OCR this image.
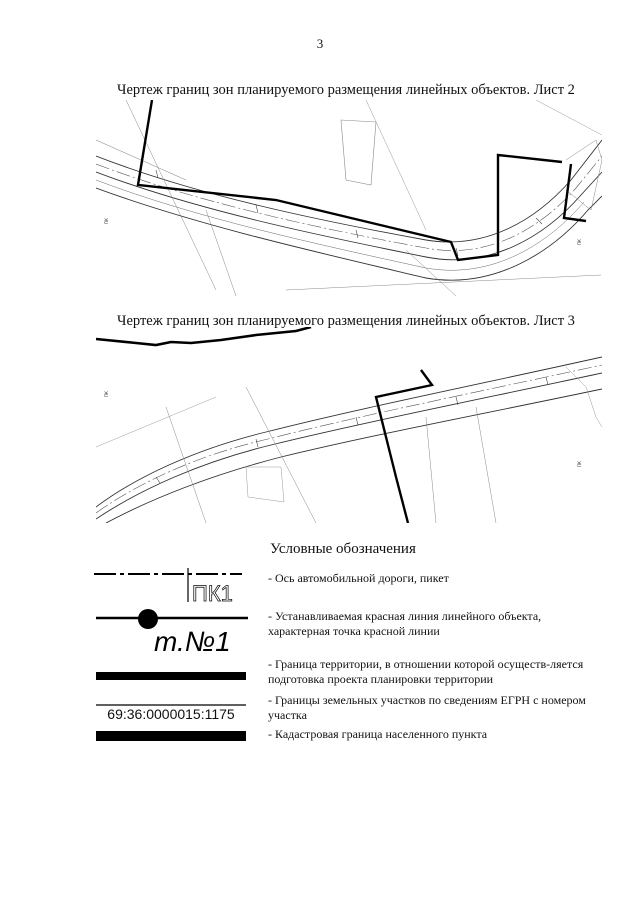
3
Чертеж границ зон планируемого размещения линейных объектов. Лист 2
ПК
ПК
Чертеж границ зон планируемого размещения линейных объектов. Лист 3
ПК
ПК
Условные обозначения
ПК1
- Ось автомобильной дороги, пикет
т.№1
- Устанавливаемая красная линия линейного объекта, характерная точка красной линии
- Граница территории, в отношении которой осуществ-ляется подготовка проекта планировки территории
69:36:0000015:1175
- Границы земельных участков по сведениям ЕГРН с номером участка
- Кадастровая граница населенного пункта
